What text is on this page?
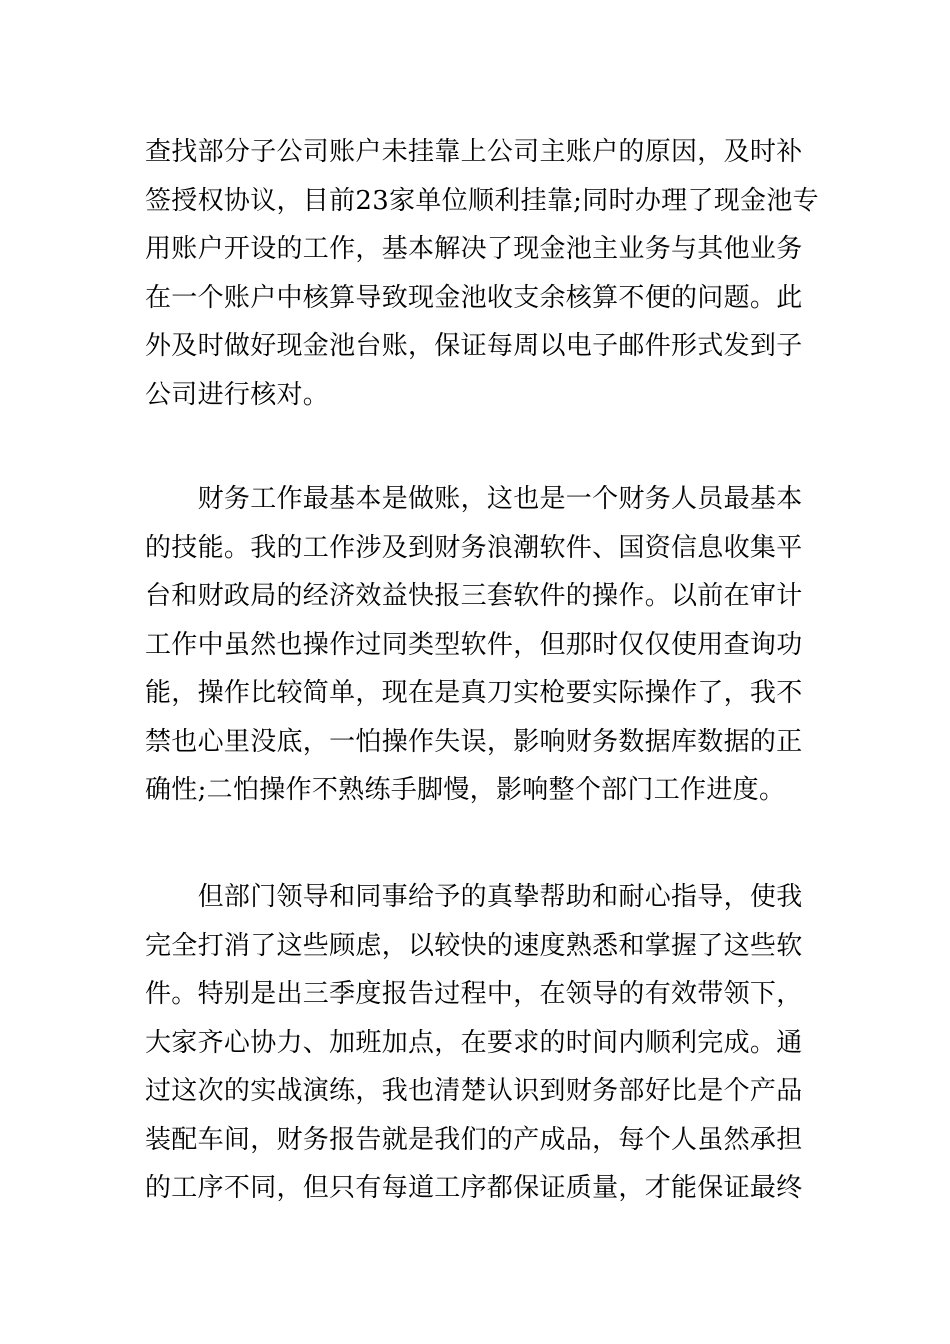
查找部分子公司账户未挂靠上公司主账户的原因，及时补
签授权协议，目前23家单位顺利挂靠;同时办理了现金池专
用账户开设的工作，基本解决了现金池主业务与其他业务
在一个账户中核算导致现金池收支余核算不便的问题。此
外及时做好现金池台账，保证每周以电子邮件形式发到子
公司进行核对。

　　财务工作最基本是做账，这也是一个财务人员最基本
的技能。我的工作涉及到财务浪潮软件、国资信息收集平
台和财政局的经济效益快报三套软件的操作。以前在审计
工作中虽然也操作过同类型软件，但那时仅仅使用查询功
能，操作比较简单，现在是真刀实枪要实际操作了，我不
禁也心里没底，一怕操作失误，影响财务数据库数据的正
确性;二怕操作不熟练手脚慢，影响整个部门工作进度。

　　但部门领导和同事给予的真挚帮助和耐心指导，使我
完全打消了这些顾虑，以较快的速度熟悉和掌握了这些软
件。特别是出三季度报告过程中，在领导的有效带领下，
大家齐心协力、加班加点，在要求的时间内顺利完成。通
过这次的实战演练，我也清楚认识到财务部好比是个产品
装配车间，财务报告就是我们的产成品，每个人虽然承担
的工序不同，但只有每道工序都保证质量，才能保证最终
